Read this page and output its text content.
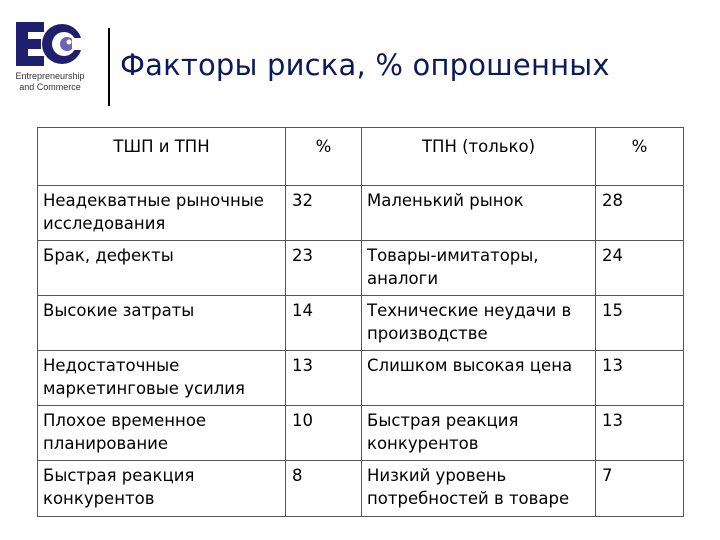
Entrepreneurship
and Commerce
Факторы риска, % опрошенных
ТШП и ТПН	%	ТПН (только)	%
Неадекватные рыночные исследования	32	Маленький рынок	28
Брак, дефекты	23	Товары-имитаторы, аналоги	24
Высокие затраты	14	Технические неудачи в производстве	15
Недостаточные маркетинговые усилия	13	Слишком высокая цена	13
Плохое временное планирование	10	Быстрая реакция конкурентов	13
Быстрая реакция конкурентов	8	Низкий уровень потребностей в товаре	7
